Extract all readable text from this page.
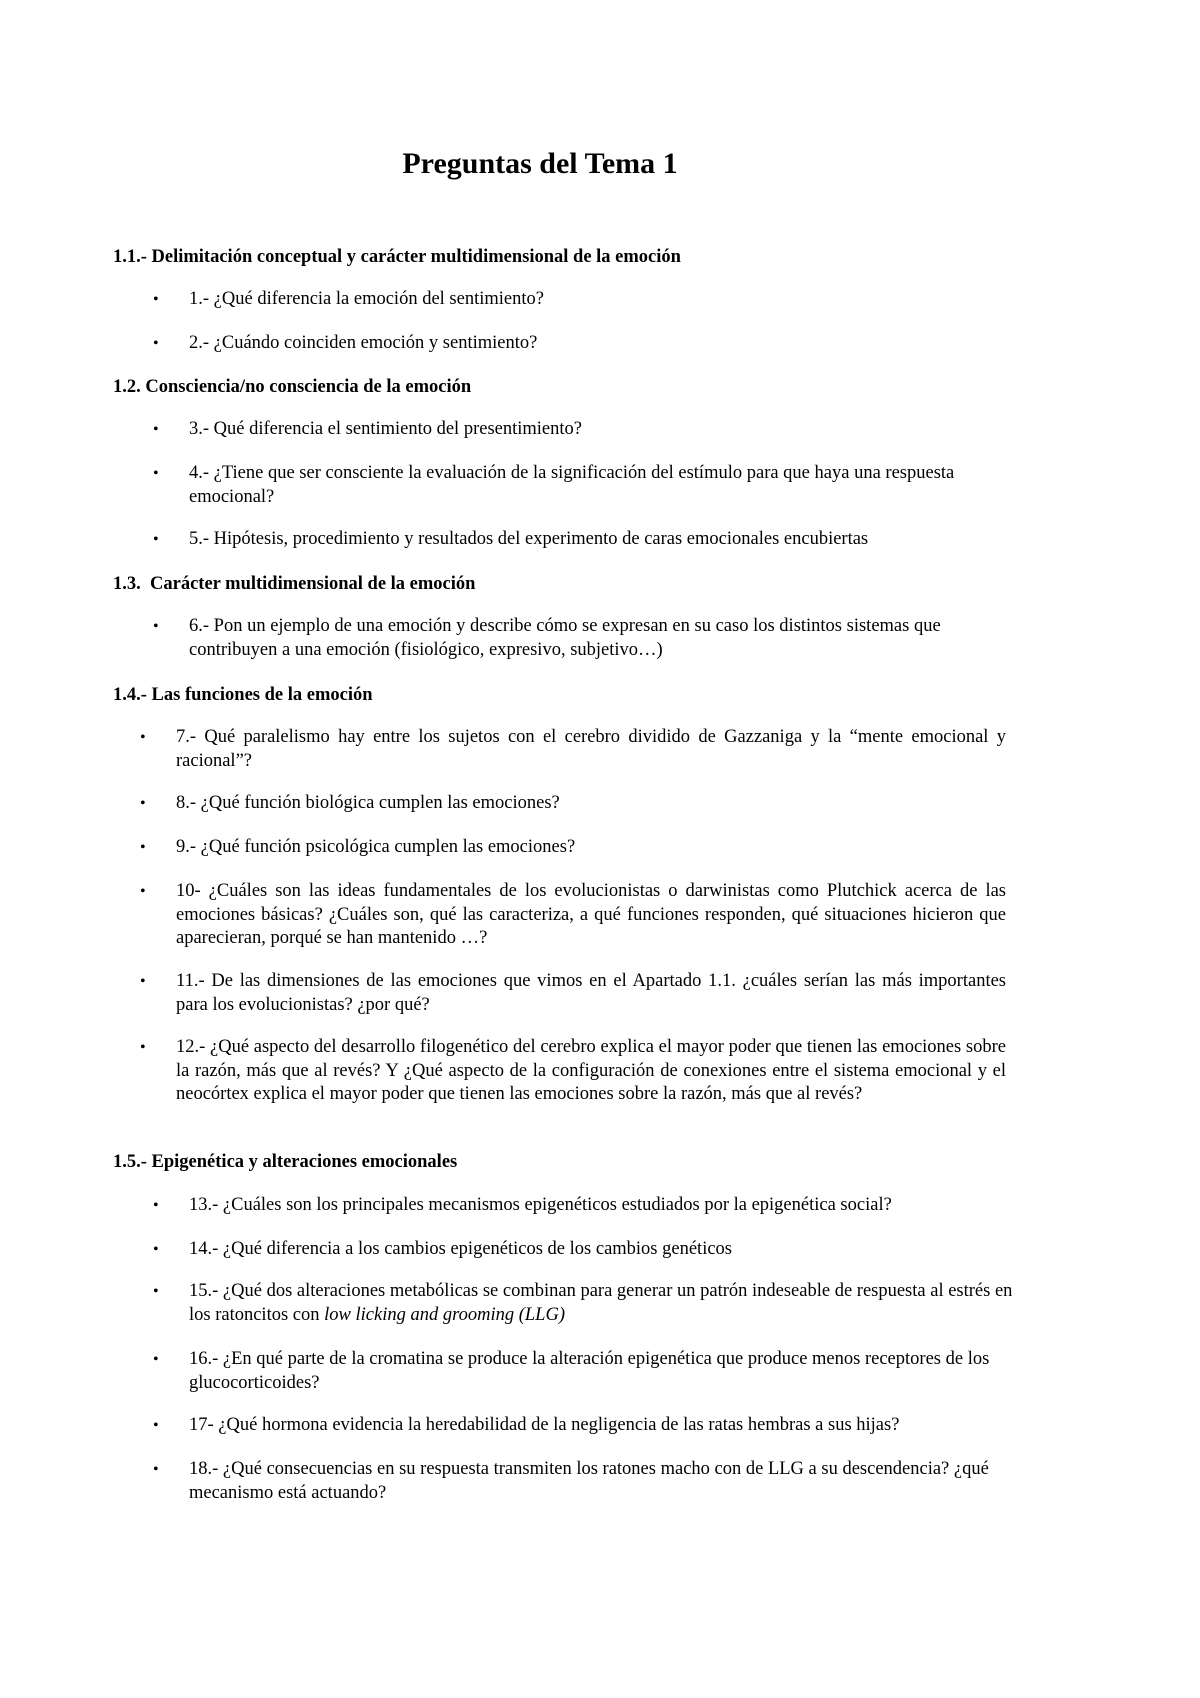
Preguntas del Tema 1
1.1.- Delimitación conceptual y carácter multidimensional de la emoción
• 1.- ¿Qué diferencia la emoción del sentimiento?
• 2.- ¿Cuándo coinciden emoción y sentimiento?
1.2. Consciencia/no consciencia de la emoción
• 3.- Qué diferencia el sentimiento del presentimiento?
• 4.- ¿Tiene que ser consciente la evaluación de la significación del estímulo para que haya una respuesta emocional?
• 5.- Hipótesis, procedimiento y resultados del experimento de caras emocionales encubiertas
1.3.  Carácter multidimensional de la emoción
• 6.- Pon un ejemplo de una emoción y describe cómo se expresan en su caso los distintos sistemas que contribuyen a una emoción (fisiológico, expresivo, subjetivo…)
1.4.- Las funciones de la emoción
• 7.- Qué paralelismo hay entre los sujetos con el cerebro dividido de Gazzaniga y la “mente emocional y racional”?
• 8.- ¿Qué función biológica cumplen las emociones?
• 9.- ¿Qué función psicológica cumplen las emociones?
• 10- ¿Cuáles son las ideas fundamentales de los evolucionistas o darwinistas como Plutchick acerca de las emociones básicas? ¿Cuáles son, qué las caracteriza, a qué funciones responden, qué situaciones hicieron que aparecieran, porqué se han mantenido …?
• 11.- De las dimensiones de las emociones que vimos en el Apartado 1.1. ¿cuáles serían las más importantes para los evolucionistas? ¿por qué?
• 12.- ¿Qué aspecto del desarrollo filogenético del cerebro explica el mayor poder que tienen las emociones sobre la razón, más que al revés? Y ¿Qué aspecto de la configuración de conexiones entre el sistema emocional y el neocórtex explica el mayor poder que tienen las emociones sobre la razón, más que al revés?
1.5.- Epigenética y alteraciones emocionales
• 13.- ¿Cuáles son los principales mecanismos epigenéticos estudiados por la epigenética social?
• 14.- ¿Qué diferencia a los cambios epigenéticos de los cambios genéticos
• 15.- ¿Qué dos alteraciones metabólicas se combinan para generar un patrón indeseable de respuesta al estrés en los ratoncitos con low licking and grooming (LLG)
• 16.- ¿En qué parte de la cromatina se produce la alteración epigenética que produce menos receptores de los glucocorticoides?
• 17- ¿Qué hormona evidencia la heredabilidad de la negligencia de las ratas hembras a sus hijas?
• 18.- ¿Qué consecuencias en su respuesta transmiten los ratones macho con de LLG a su descendencia? ¿qué mecanismo está actuando?
